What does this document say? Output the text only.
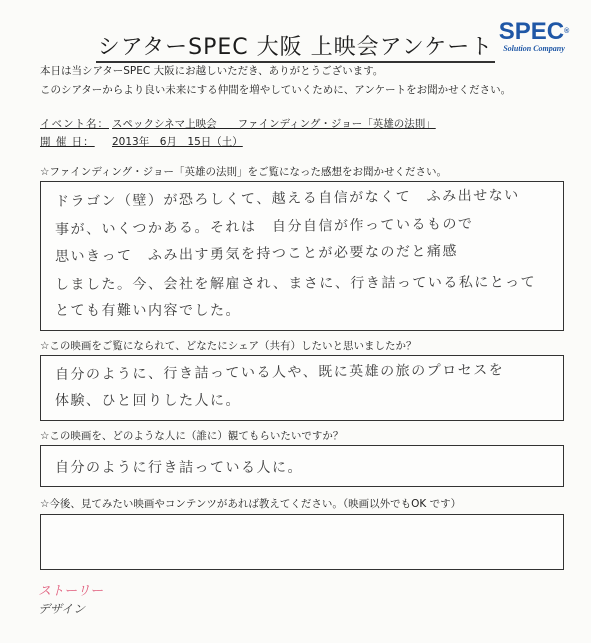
シアターSPEC 大阪 上映会アンケート
SPEC®
Solution Company
本日は当シアターSPEC 大阪にお越しいただき、ありがとうございます。
このシアターからより良い未来にする仲間を増やしていくために、アンケートをお聞かせください。
イベント名： スペックシネマ上映会　　ファインディング・ジョー「英雄の法則」
開 催 日： 2013年　6月　15日（土）
☆ファインディング・ジョー「英雄の法則」をご覧になった感想をお聞かせください。
ドラゴン（壁）が恐ろしくて、越える自信がなくて　ふみ出せない
事が、いくつかある。それは　自分自信が作っているもので
思いきって　ふみ出す勇気を持つことが必要なのだと痛感
しました。今、会社を解雇され、まさに、行き詰っている私にとって
とても有難い内容でした。
☆この映画をご覧になられて、どなたにシェア（共有）したいと思いましたか？
自分のように、行き詰っている人や、既に英雄の旅のプロセスを
体験、ひと回りした人に。
☆この映画を、どのような人に（誰に）観てもらいたいですか？
自分のように行き詰っている人に。
☆今後、見てみたい映画やコンテンツがあれば教えてください。（映画以外でもOK です）
ストーリー
デザイン
